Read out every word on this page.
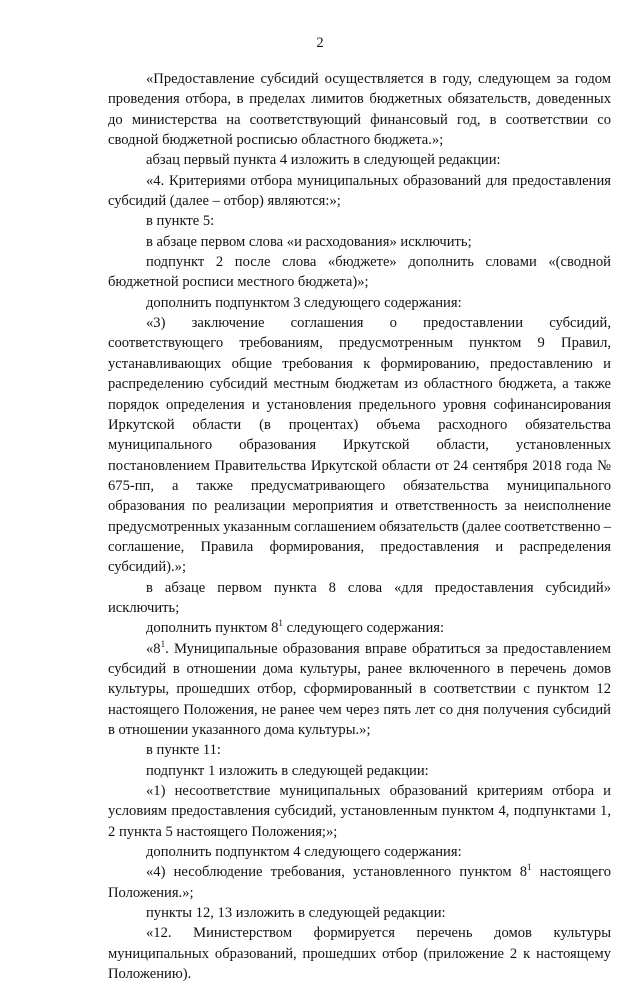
2

«Предоставление субсидий осуществляется в году, следующем за годом проведения отбора, в пределах лимитов бюджетных обязательств, доведенных до министерства на соответствующий финансовый год, в соответствии со сводной бюджетной росписью областного бюджета.»;

абзац первый пункта 4 изложить в следующей редакции:

«4. Критериями отбора муниципальных образований для предоставления субсидий (далее – отбор) являются:»;

в пункте 5:

в абзаце первом слова «и расходования» исключить;

подпункт 2 после слова «бюджете» дополнить словами «(сводной бюджетной росписи местного бюджета)»;

дополнить подпунктом 3 следующего содержания:

«3) заключение соглашения о предоставлении субсидий, соответствующего требованиям, предусмотренным пунктом 9 Правил, устанавливающих общие требования к формированию, предоставлению и распределению субсидий местным бюджетам из областного бюджета, а также порядок определения и установления предельного уровня софинансирования Иркутской области (в процентах) объема расходного обязательства муниципального образования Иркутской области, установленных постановлением Правительства Иркутской области от 24 сентября 2018 года № 675-пп, а также предусматривающего обязательства муниципального образования по реализации мероприятия и ответственность за неисполнение предусмотренных указанным соглашением обязательств (далее соответственно – соглашение, Правила формирования, предоставления и распределения субсидий).»;

в абзаце первом пункта 8 слова «для предоставления субсидий» исключить;

дополнить пунктом $8^1$ следующего содержания:

«$8^1$. Муниципальные образования вправе обратиться за предоставлением субсидий в отношении дома культуры, ранее включенного в перечень домов культуры, прошедших отбор, сформированный в соответствии с пунктом 12 настоящего Положения, не ранее чем через пять лет со дня получения субсидий в отношении указанного дома культуры.»;

в пункте 11:

подпункт 1 изложить в следующей редакции:

«1) несоответствие муниципальных образований критериям отбора и условиям предоставления субсидий, установленным пунктом 4, подпунктами 1, 2 пункта 5 настоящего Положения;»;

дополнить подпунктом 4 следующего содержания:

«4) несоблюдение требования, установленного пунктом $8^1$ настоящего Положения.»;

пункты 12, 13 изложить в следующей редакции:

«12. Министерством формируется перечень домов культуры муниципальных образований, прошедших отбор (приложение 2 к настоящему Положению).
